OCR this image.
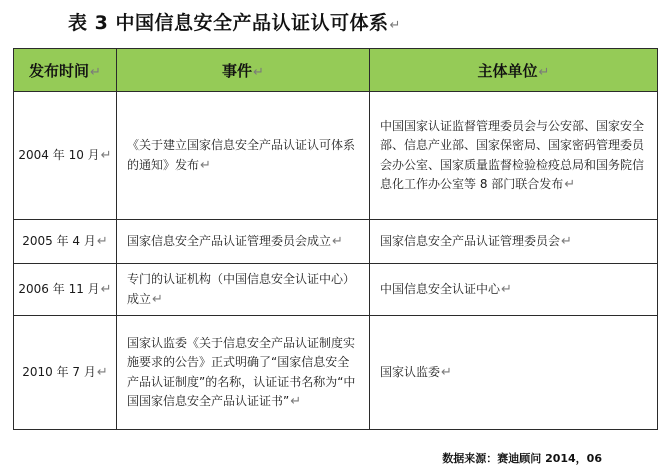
表 3 中国信息安全产品认证认可体系↵
发布时间↵	事件↵	主体单位↵
2004 年 10 月↵	《关于建立国家信息安全产品认证认可体系的通知》发布↵	中国国家认证监督管理委员会与公安部、国家安全部、信息产业部、国家保密局、国家密码管理委员会办公室、国家质量监督检验检疫总局和国务院信息化工作办公室等 8 部门联合发布↵
2005 年 4 月↵	国家信息安全产品认证管理委员会成立↵	国家信息安全产品认证管理委员会↵
2006 年 11 月↵	专门的认证机构（中国信息安全认证中心）成立↵	中国信息安全认证中心↵
2010 年 7 月↵	国家认监委《关于信息安全产品认证制度实施要求的公告》正式明确了“国家信息安全产品认证制度”的名称，认证证书名称为“中国国家信息安全产品认证证书”↵	国家认监委↵
数据来源：赛迪顾问 2014，06
